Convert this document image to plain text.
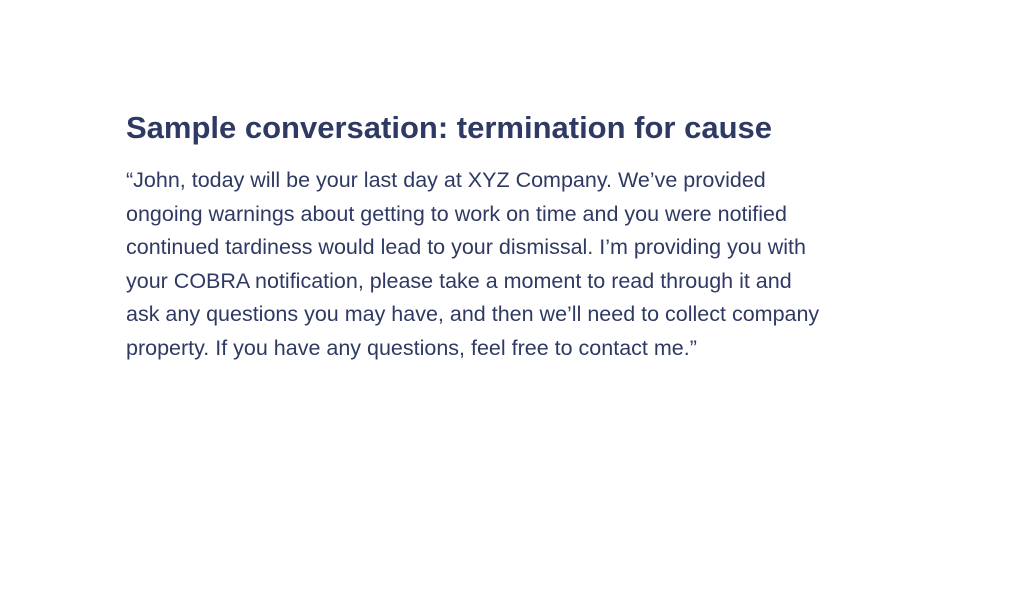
Sample conversation: termination for cause

“John, today will be your last day at XYZ Company. We’ve provided
ongoing warnings about getting to work on time and you were notified
continued tardiness would lead to your dismissal. I’m providing you with
your COBRA notification, please take a moment to read through it and
ask any questions you may have, and then we’ll need to collect company
property. If you have any questions, feel free to contact me.”
